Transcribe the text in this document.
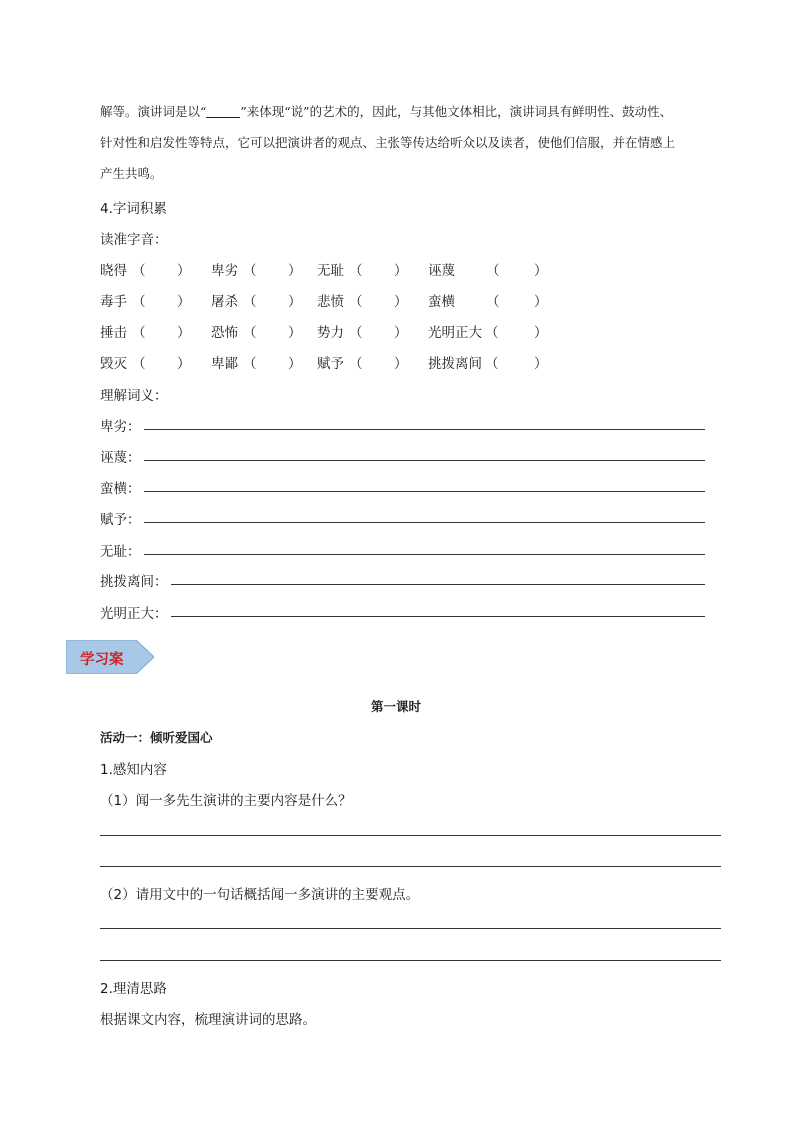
解等。演讲词是以“	”来体现“说”的艺术的，因此，与其他文体相比，演讲词具有鲜明性、鼓动性、
针对性和启发性等特点，它可以把演讲者的观点、主张等传达给听众以及读者，使他们信服，并在情感上
产生共鸣。
4.字词积累
读准字音：
晓得 （ ） 卑劣 （ ） 无耻 （ ） 诬蔑 （	）
毒手 （ ） 屠杀 （ ） 悲愤 （ ） 蛮横 （	）
捶击 （ ） 恐怖 （ ） 势力 （ ） 光明正大 （	）
毁灭 （ ） 卑鄙 （ ） 赋予 （ ） 挑拨离间 （	）
理解词义：
卑劣：
诬蔑：
蛮横：
赋予：
无耻：
挑拨离间：
光明正大：
学习案
第一课时
活动一：倾听爱国心
1.感知内容
（1）闻一多先生演讲的主要内容是什么？
（2）请用文中的一句话概括闻一多演讲的主要观点。
2.理清思路
根据课文内容，梳理演讲词的思路。
